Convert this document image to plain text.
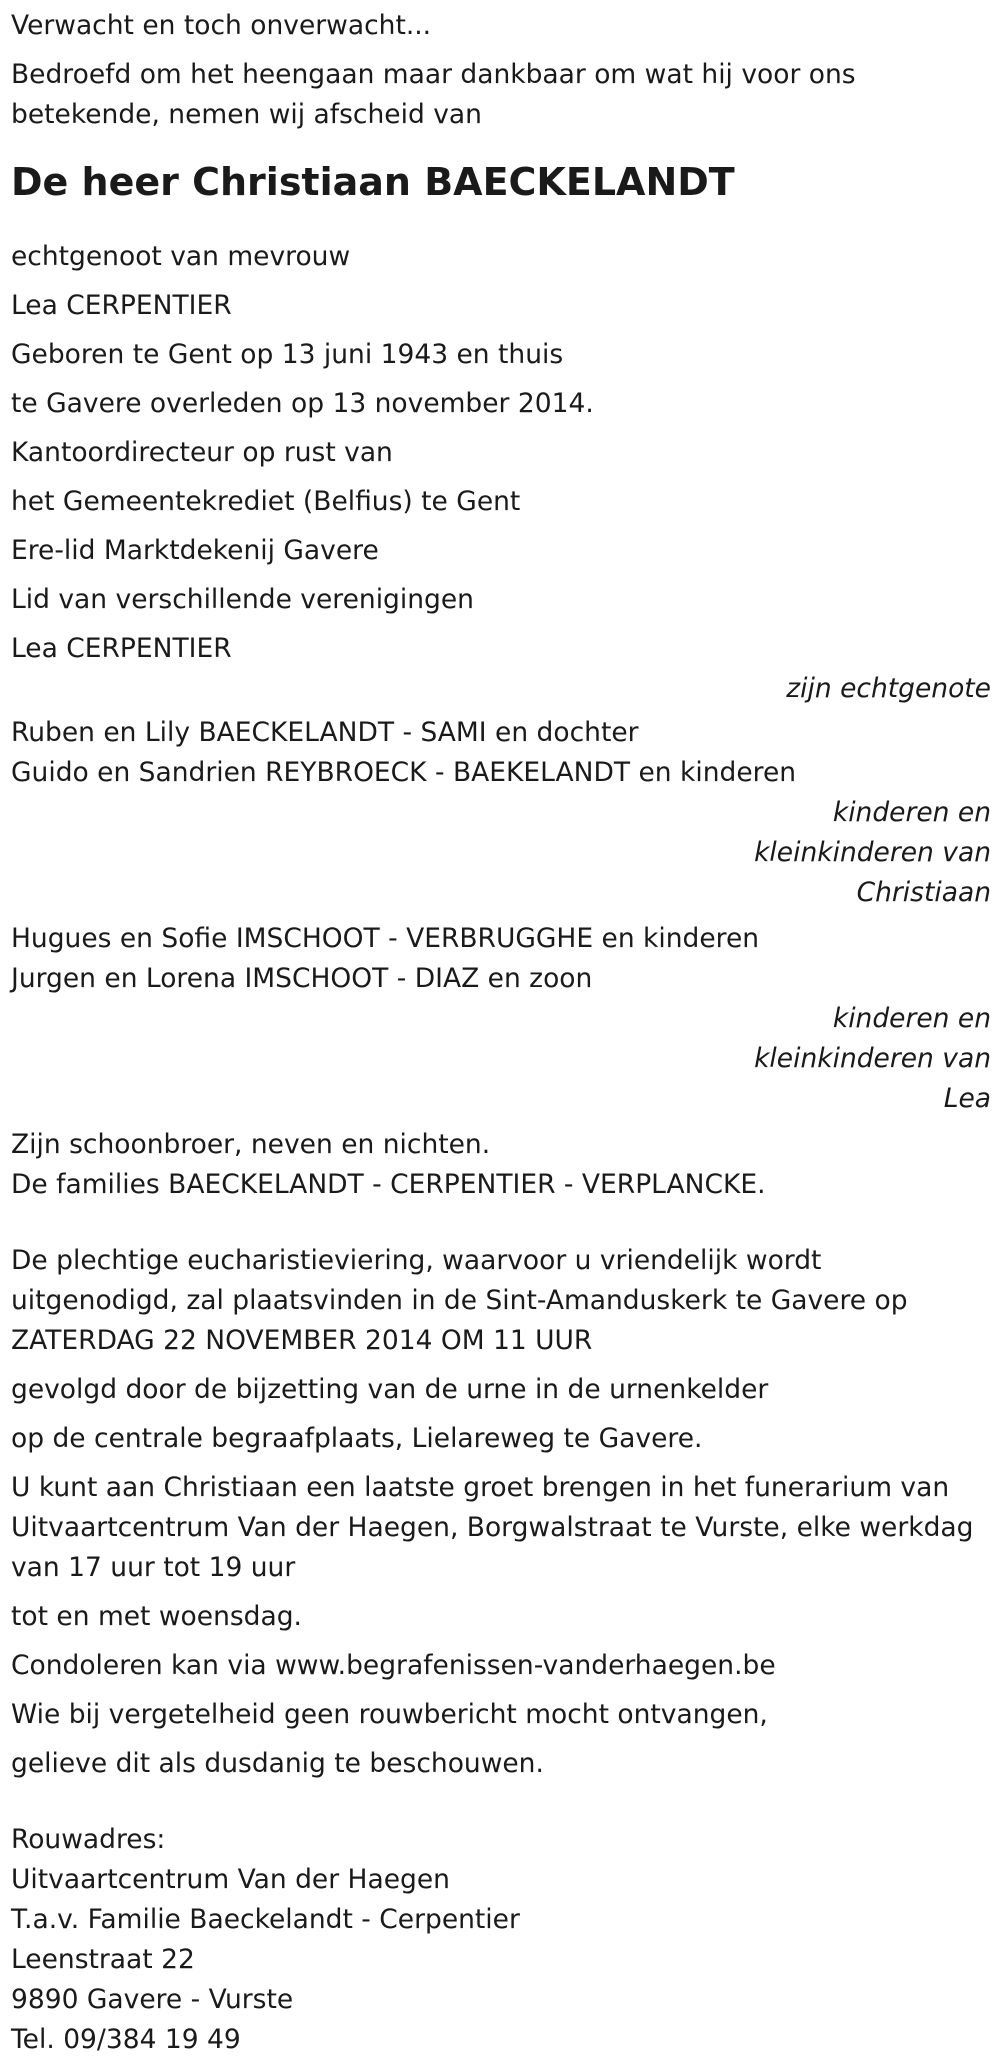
Verwacht en toch onverwacht...
Bedroefd om het heengaan maar dankbaar om wat hij voor ons
betekende, nemen wij afscheid van
De heer Christiaan BAECKELANDT
echtgenoot van mevrouw
Lea CERPENTIER
Geboren te Gent op 13 juni 1943 en thuis
te Gavere overleden op 13 november 2014.
Kantoordirecteur op rust van
het Gemeentekrediet (Belfius) te Gent
Ere-lid Marktdekenij Gavere
Lid van verschillende verenigingen
Lea CERPENTIER
zijn echtgenote
Ruben en Lily BAECKELANDT - SAMI en dochter
Guido en Sandrien REYBROECK - BAEKELANDT en kinderen
kinderen en
kleinkinderen van
Christiaan
Hugues en Sofie IMSCHOOT - VERBRUGGHE en kinderen
Jurgen en Lorena IMSCHOOT - DIAZ en zoon
kinderen en
kleinkinderen van
Lea
Zijn schoonbroer, neven en nichten.
De families BAECKELANDT - CERPENTIER - VERPLANCKE.
De plechtige eucharistieviering, waarvoor u vriendelijk wordt
uitgenodigd, zal plaatsvinden in de Sint-Amanduskerk te Gavere op
ZATERDAG 22 NOVEMBER 2014 OM 11 UUR
gevolgd door de bijzetting van de urne in de urnenkelder
op de centrale begraafplaats, Lielareweg te Gavere.
U kunt aan Christiaan een laatste groet brengen in het funerarium van
Uitvaartcentrum Van der Haegen, Borgwalstraat te Vurste, elke werkdag
van 17 uur tot 19 uur
tot en met woensdag.
Condoleren kan via www.begrafenissen-vanderhaegen.be
Wie bij vergetelheid geen rouwbericht mocht ontvangen,
gelieve dit als dusdanig te beschouwen.
Rouwadres:
Uitvaartcentrum Van der Haegen
T.a.v. Familie Baeckelandt - Cerpentier
Leenstraat 22
9890 Gavere - Vurste
Tel. 09/384 19 49
